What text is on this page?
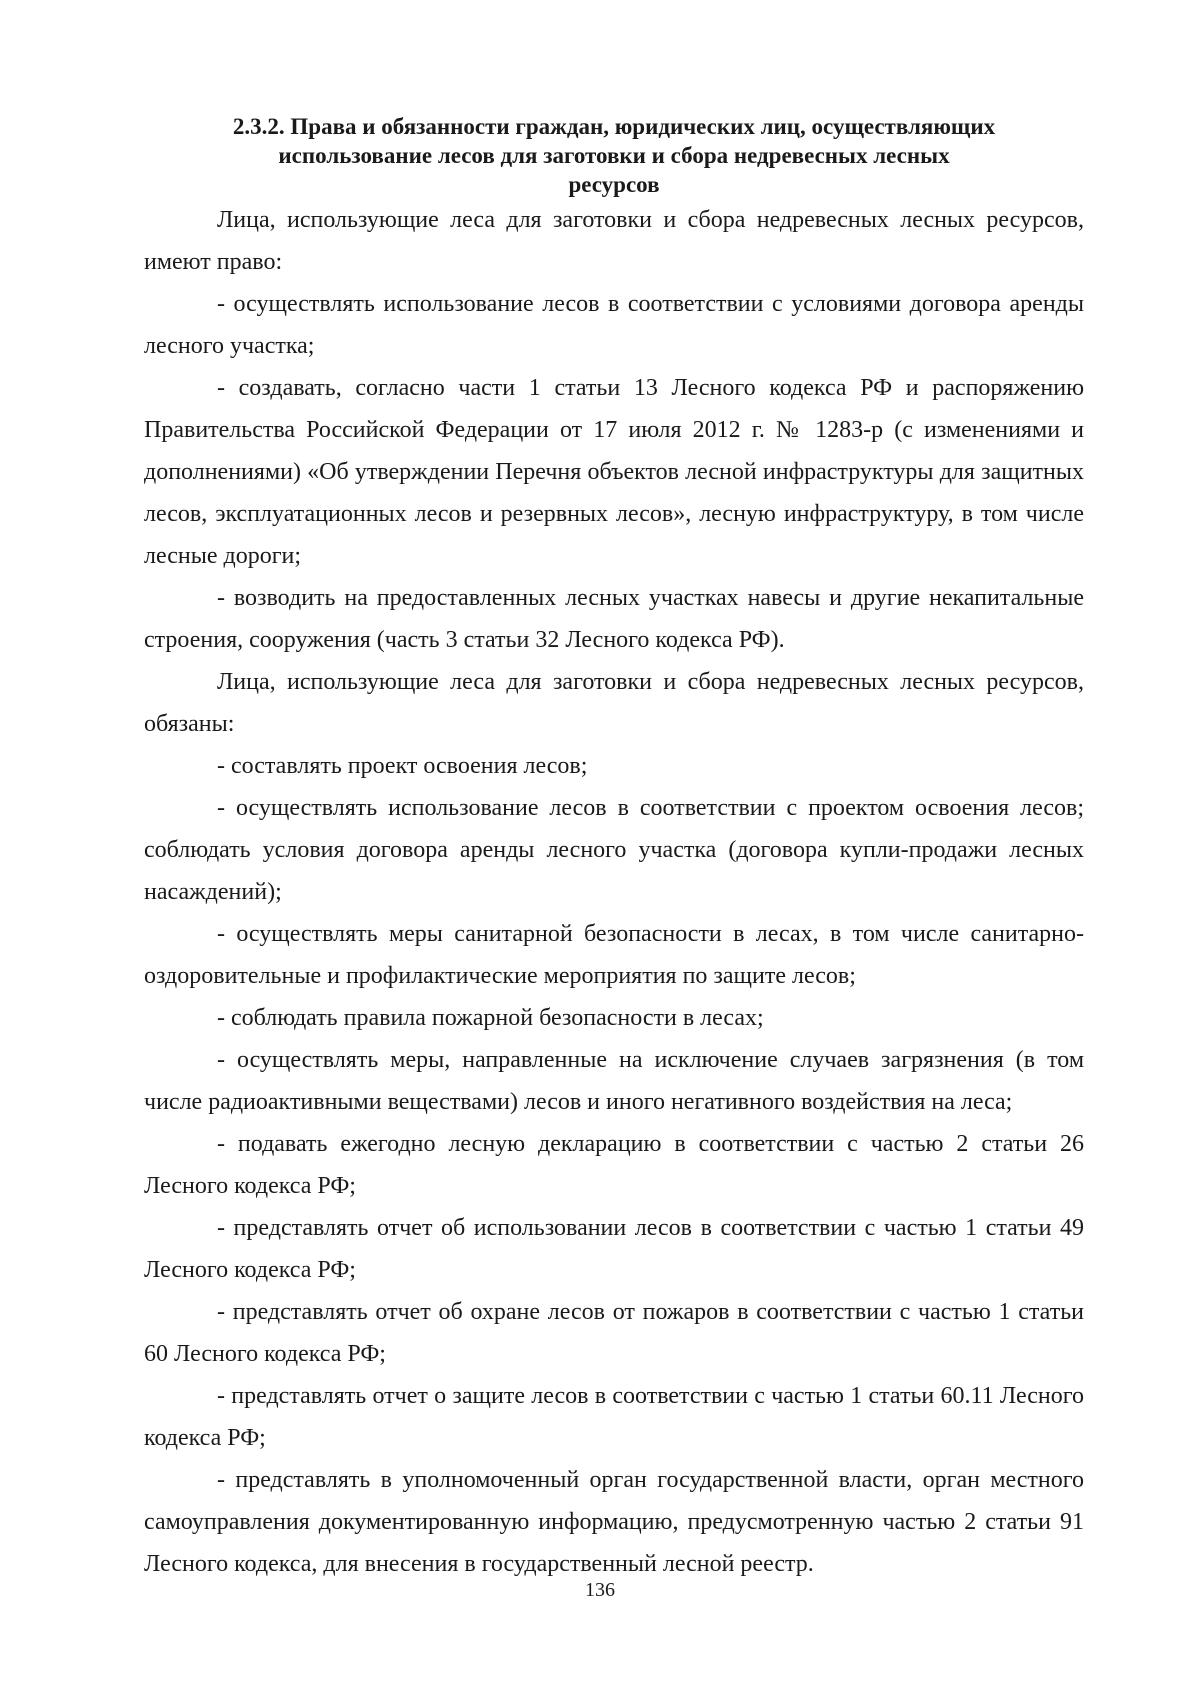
2.3.2. Права и обязанности граждан, юридических лиц, осуществляющих
использование лесов для заготовки и сбора недревесных лесных
ресурсов

Лица, использующие леса для заготовки и сбора недревесных лесных ресурсов, имеют право:

- осуществлять использование лесов в соответствии с условиями договора аренды лесного участка;

- создавать, согласно части 1 статьи 13 Лесного кодекса РФ и распоряжению Правительства Российской Федерации от 17 июля 2012 г. № 1283-р (с изменениями и дополнениями) «Об утверждении Перечня объектов лесной инфраструктуры для защитных лесов, эксплуатационных лесов и резервных лесов», лесную инфраструктуру, в том числе лесные дороги;

- возводить на предоставленных лесных участках навесы и другие некапитальные строения, сооружения (часть 3 статьи 32 Лесного кодекса РФ).

Лица, использующие леса для заготовки и сбора недревесных лесных ресурсов, обязаны:

- составлять проект освоения лесов;

- осуществлять использование лесов в соответствии с проектом освоения лесов; соблюдать условия договора аренды лесного участка (договора купли-продажи лесных насаждений);

- осуществлять меры санитарной безопасности в лесах, в том числе санитарно-оздоровительные и профилактические мероприятия по защите лесов;

- соблюдать правила пожарной безопасности в лесах;

- осуществлять меры, направленные на исключение случаев загрязнения (в том числе радиоактивными веществами) лесов и иного негативного воздействия на леса;

- подавать ежегодно лесную декларацию в соответствии с частью 2 статьи 26 Лесного кодекса РФ;

- представлять отчет об использовании лесов в соответствии с частью 1 статьи 49 Лесного кодекса РФ;

- представлять отчет об охране лесов от пожаров в соответствии с частью 1 статьи 60 Лесного кодекса РФ;

- представлять отчет о защите лесов в соответствии с частью 1 статьи 60.11 Лесного кодекса РФ;

- представлять в уполномоченный орган государственной власти, орган местного самоуправления документированную информацию, предусмотренную частью 2 статьи 91 Лесного кодекса, для внесения в государственный лесной реестр.

136
